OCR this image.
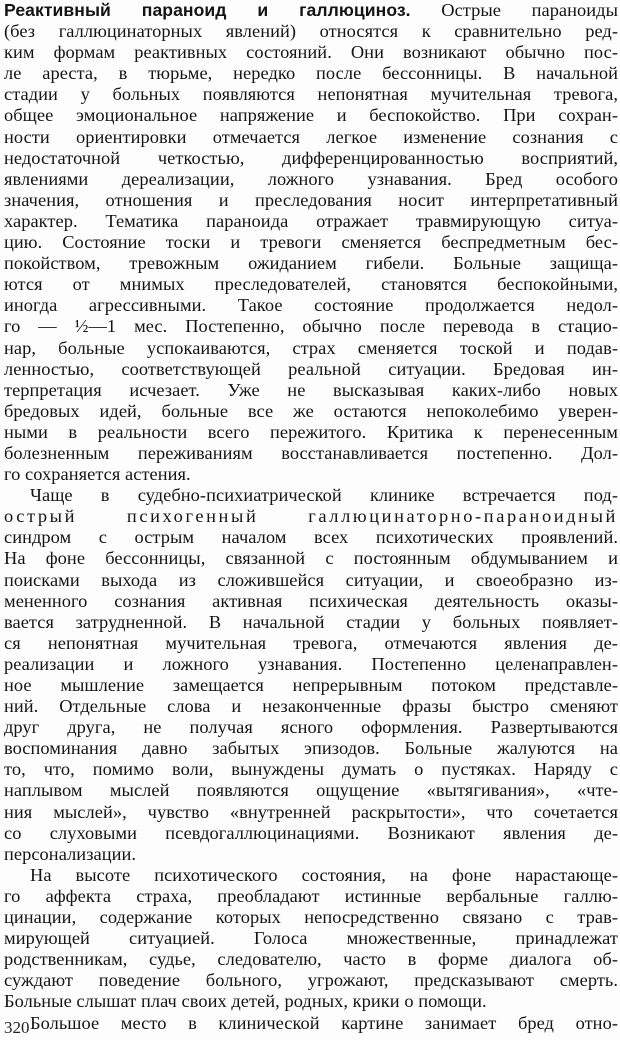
Реактивный параноид и галлюциноз. Острые параноиды
(без галлюцинаторных явлений) относятся к сравнительно ред-
ким формам реактивных состояний. Они возникают обычно пос-
ле ареста, в тюрьме, нередко после бессонницы. В начальной
стадии у больных появляются непонятная мучительная тревога,
общее эмоциональное напряжение и беспокойство. При сохран-
ности ориентировки отмечается легкое изменение сознания с
недостаточной четкостью, дифференцированностью восприятий,
явлениями дереализации, ложного узнавания. Бред особого
значения, отношения и преследования носит интерпретативный
характер. Тематика параноида отражает травмирующую ситуа-
цию. Состояние тоски и тревоги сменяется беспредметным бес-
покойством, тревожным ожиданием гибели. Больные защища-
ются от мнимых преследователей, становятся беспокойными,
иногда агрессивными. Такое состояние продолжается недол-
го — ½—1 мес. Постепенно, обычно после перевода в стацио-
нар, больные успокаиваются, страх сменяется тоской и подав-
ленностью, соответствующей реальной ситуации. Бредовая ин-
терпретация исчезает. Уже не высказывая каких-либо новых
бредовых идей, больные все же остаются непоколебимо уверен-
ными в реальности всего пережитого. Критика к перенесенным
болезненным переживаниям восстанавливается постепенно. Дол-
го сохраняется астения.
Чаще в судебно-психиатрической клинике встречается под-
острый психогенный галлюцинаторно-параноидный
синдром с острым началом всех психотических проявлений.
На фоне бессонницы, связанной с постоянным обдумыванием и
поисками выхода из сложившейся ситуации, и своеобразно из-
мененного сознания активная психическая деятельность оказы-
вается затрудненной. В начальной стадии у больных появляет-
ся непонятная мучительная тревога, отмечаются явления де-
реализации и ложного узнавания. Постепенно целенаправлен-
ное мышление замещается непрерывным потоком представле-
ний. Отдельные слова и незаконченные фразы быстро сменяют
друг друга, не получая ясного оформления. Развертываются
воспоминания давно забытых эпизодов. Больные жалуются на
то, что, помимо воли, вынуждены думать о пустяках. Наряду с
наплывом мыслей появляются ощущение «вытягивания», «чте-
ния мыслей», чувство «внутренней раскрытости», что сочетается
со слуховыми псевдогаллюцинациями. Возникают явления де-
персонализации.
На высоте психотического состояния, на фоне нарастающе-
го аффекта страха, преобладают истинные вербальные галлю-
цинации, содержание которых непосредственно связано с трав-
мирующей ситуацией. Голоса множественные, принадлежат
родственникам, судье, следователю, часто в форме диалога об-
суждают поведение больного, угрожают, предсказывают смерть.
Больные слышат плач своих детей, родных, крики о помощи.
Большое место в клинической картине занимает бред отно-
320
